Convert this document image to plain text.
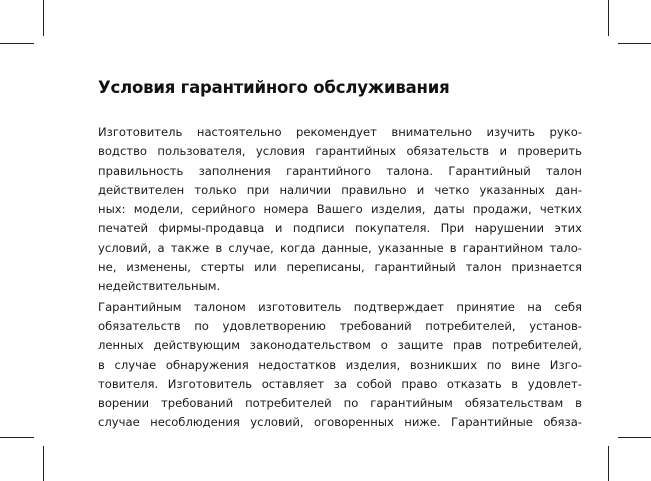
Условия гарантийного обслуживания
Изготовитель настоятельно рекомендует внимательно изучить руко-
водство пользователя, условия гарантийных обязательств и проверить
правильность заполнения гарантийного талона. Гарантийный талон
действителен только при наличии правильно и четко указанных дан-
ных: модели, серийного номера Вашего изделия, даты продажи, четких
печатей фирмы-продавца и подписи покупателя. При нарушении этих
условий, а также в случае, когда данные, указанные в гарантийном тало-
не, изменены, стерты или переписаны, гарантийный талон признается
недействительным.
Гарантийным талоном изготовитель подтверждает принятие на себя
обязательств по удовлетворению требований потребителей, установ-
ленных действующим законодательством о защите прав потребителей,
в случае обнаружения недостатков изделия, возникших по вине Изго-
товителя. Изготовитель оставляет за собой право отказать в удовлет-
ворении требований потребителей по гарантийным обязательствам в
случае несоблюдения условий, оговоренных ниже. Гарантийные обяза-
